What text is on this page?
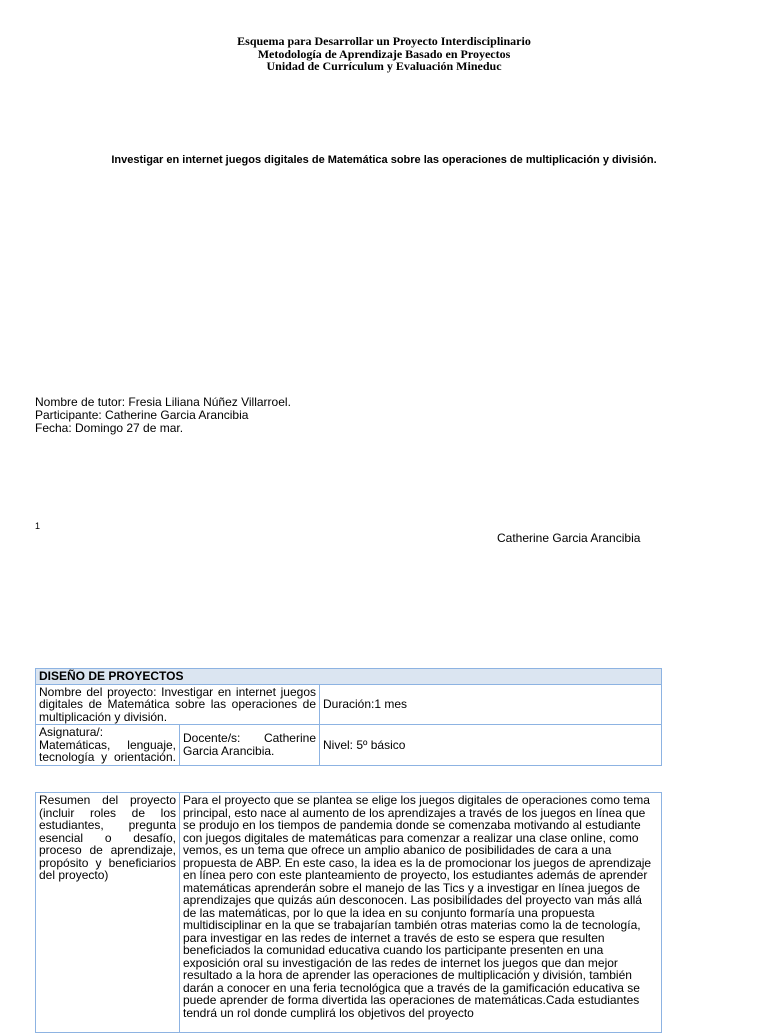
Esquema para Desarrollar un Proyecto Interdisciplinario
Metodología de Aprendizaje Basado en Proyectos
Unidad de Currículum y Evaluación Mineduc
Investigar en internet juegos digitales de Matemática sobre las operaciones de multiplicación y división.
Nombre de tutor: Fresia Liliana Núñez Villarroel.
Participante: Catherine Garcia Arancibia
Fecha: Domingo 27 de mar.
1
Catherine Garcia Arancibia
DISEÑO DE PROYECTOS		
Nombre del proyecto: Investigar en internet juegos digitales de Matemática sobre las operaciones de multiplicación y división.		Duración:1 mes

Asignatura/:
Matemáticas, lenguaje, tecnología y orientación.	Docente/s: Catherine Garcia Arancibia.	Nivel: 5º básico
Resumen del proyecto (incluir roles de los estudiantes, pregunta esencial o desafío, proceso de aprendizaje, propósito y beneficiarios del proyecto)	Para el proyecto que se plantea se elige los juegos digitales de operaciones como tema principal, esto nace al aumento de los aprendizajes a través de los juegos en línea que se produjo en los tiempos de pandemia donde se comenzaba motivando al estudiante con juegos digitales de matemáticas para comenzar a realizar una clase online, como vemos, es un tema que ofrece un amplio abanico de posibilidades de cara a una propuesta de ABP. En este caso, la idea es la de promocionar los juegos de aprendizaje en línea pero con este planteamiento de proyecto, los estudiantes además de aprender matemáticas aprenderán sobre el manejo de las Tics y a investigar en línea juegos de aprendizajes que quizás aún desconocen. Las posibilidades del proyecto van más allá de las matemáticas, por lo que la idea en su conjunto formaría una propuesta multidisciplinar en la que se trabajarían también otras materias como la de tecnología, para investigar en las redes de internet a través de esto se espera que resulten beneficiados la comunidad educativa cuando los participante presenten en una exposición oral su investigación de las redes de internet los juegos que dan mejor resultado a la hora de aprender las operaciones de multiplicación y división, también darán a conocer en una feria tecnológica que a través de la gamificación educativa se puede aprender de forma divertida las operaciones de matemáticas.Cada estudiantes tendrá un rol donde cumplirá los objetivos del proyecto
